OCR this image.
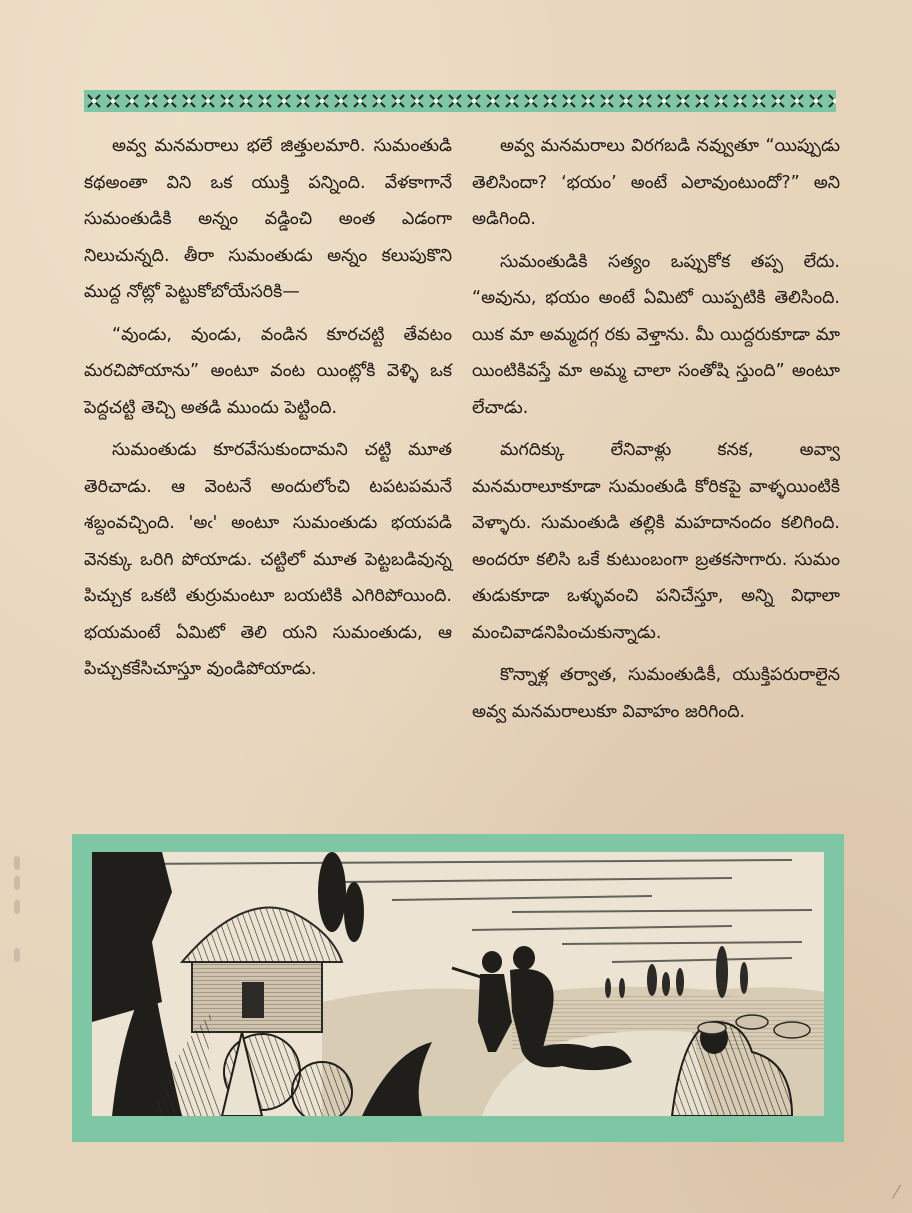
అవ్వ మనమరాలు భలే జిత్తులమారి. సుమంతుడి కథఅంతా విని ఒక యుక్తి పన్నింది. వేళకాగానే సుమంతుడికి అన్నం వడ్డించి అంత ఎడంగా నిలుచున్నది. తీరా సుమంతుడు అన్నం కలుపుకొని ముద్ద నోట్లో పెట్టుకోబోయేసరికి—

“వుండు, వుండు, వండిన కూరచట్టి తేవటం మరచిపోయాను” అంటూ వంట యింట్లోకి వెళ్ళి ఒక పెద్దచట్టి తెచ్చి అతడి ముందు పెట్టింది.

సుమంతుడు కూరవేసుకుందామని చట్టి మూత తెరిచాడు. ఆ వెంటనే అందులోంచి టపటపమనే శబ్దంవచ్చింది. 'అఁ' అంటూ సుమంతుడు భయపడి వెనక్కు ఒరిగి పోయాడు. చట్టిలో మూత పెట్టబడివున్న పిచ్చుక ఒకటి తుర్రుమంటూ బయటికి ఎగిరిపోయింది. భయమంటే ఏమిటో తెలి యని సుమంతుడు, ఆ పిచ్చుకకేసిచూస్తూ వుండిపోయాడు.

అవ్వ మనమరాలు విరగబడి నవ్వుతూ “యిప్పుడు తెలిసిందా? ‘భయం’ అంటే ఎలావుంటుందో?” అని అడిగింది.

సుమంతుడికి సత్యం ఒప్పుకోక తప్ప లేదు. “అవును, భయం అంటే ఏమిటో యిప్పటికి తెలిసింది. యిక మా అమ్మదగ్గ రకు వెళ్తాను. మీ యిద్దరుకూడా మా యింటికివస్తే మా అమ్మ చాలా సంతోషి స్తుంది” అంటూ లేచాడు.

మగదిక్కు లేనివాళ్లు కనక, అవ్వా మనమరాలూకూడా సుమంతుడి కోరికపై వాళ్ళయింటికి వెళ్ళారు. సుమంతుడి తల్లికి మహదానందం కలిగింది. అందరూ కలిసి ఒకే కుటుంబంగా బ్రతకసాగారు. సుమం తుడుకూడా ఒళ్ళువంచి పనిచేస్తూ, అన్ని విధాలా మంచివాడనిపించుకున్నాడు.

కొన్నాళ్ల తర్వాత, సుమంతుడికీ, యుక్తిపరురాలైన అవ్వ మనమరాలుకూ వివాహం జరిగింది.

⁄
